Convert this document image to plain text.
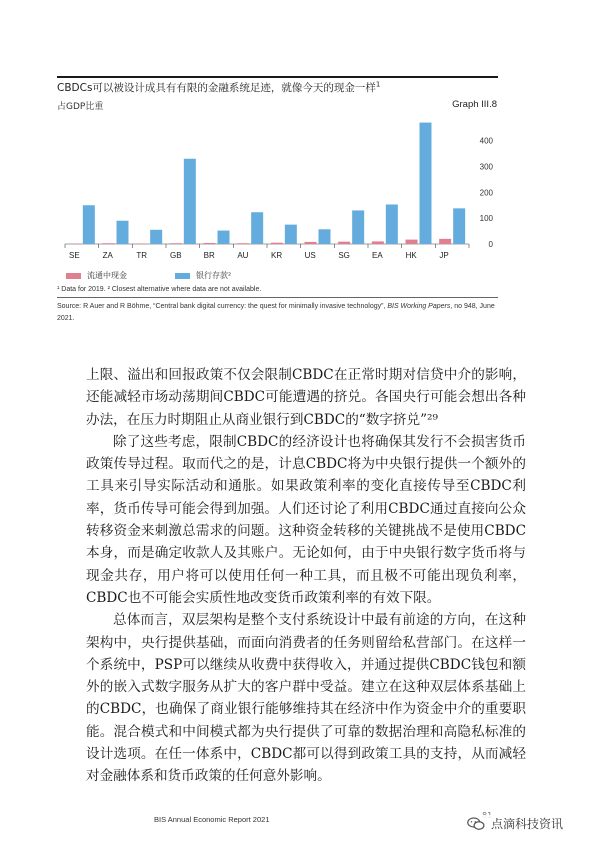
CBDCs可以被设计成具有有限的金融系统足迹，就像今天的现金一样$^1$
占GDP比重	Graph III.8
0
100
200
300
400
SE	ZA	TR	GB	BR	AU	KR	US	SG	EA	HK	JP
流通中现金	银行存款²
¹ Data for 2019. ² Closest alternative where data are not available.
Source: R Auer and R Böhme, “Central bank digital currency: the quest for minimally invasive technology”, BIS Working Papers, no 948, June 2021.

上限、溢出和回报政策不仅会限制CBDC在正常时期对信贷中介的影响，还能减轻市场动荡期间CBDC可能遭遇的挤兑。各国央行可能会想出各种办法，在压力时期阻止从商业银行到CBDC的“数字挤兑”²⁹

除了这些考虑，限制CBDC的经济设计也将确保其发行不会损害货币政策传导过程。取而代之的是，计息CBDC将为中央银行提供一个额外的工具来引导实际活动和通胀。如果政策利率的变化直接传导至CBDC利率，货币传导可能会得到加强。人们还讨论了利用CBDC通过直接向公众转移资金来刺激总需求的问题。这种资金转移的关键挑战不是使用CBDC本身，而是确定收款人及其账户。无论如何，由于中央银行数字货币将与现金共存，用户将可以使用任何一种工具，而且极不可能出现负利率，CBDC也不可能会实质性地改变货币政策利率的有效下限。

总体而言，双层架构是整个支付系统设计中最有前途的方向，在这种架构中，央行提供基础，而面向消费者的任务则留给私营部门。在这样一个系统中，PSP可以继续从收费中获得收入，并通过提供CBDC钱包和额外的嵌入式数字服务从扩大的客户群中受益。建立在这种双层体系基础上的CBDC，也确保了商业银行能够维持其在经济中作为资金中介的重要职能。混合模式和中间模式都为央行提供了可靠的数据治理和高隐私标准的设计选项。在任一体系中，CBDC都可以得到政策工具的支持，从而减轻对金融体系和货币政策的任何意外影响。

BIS Annual Economic Report 2021	点滴科技资讯
